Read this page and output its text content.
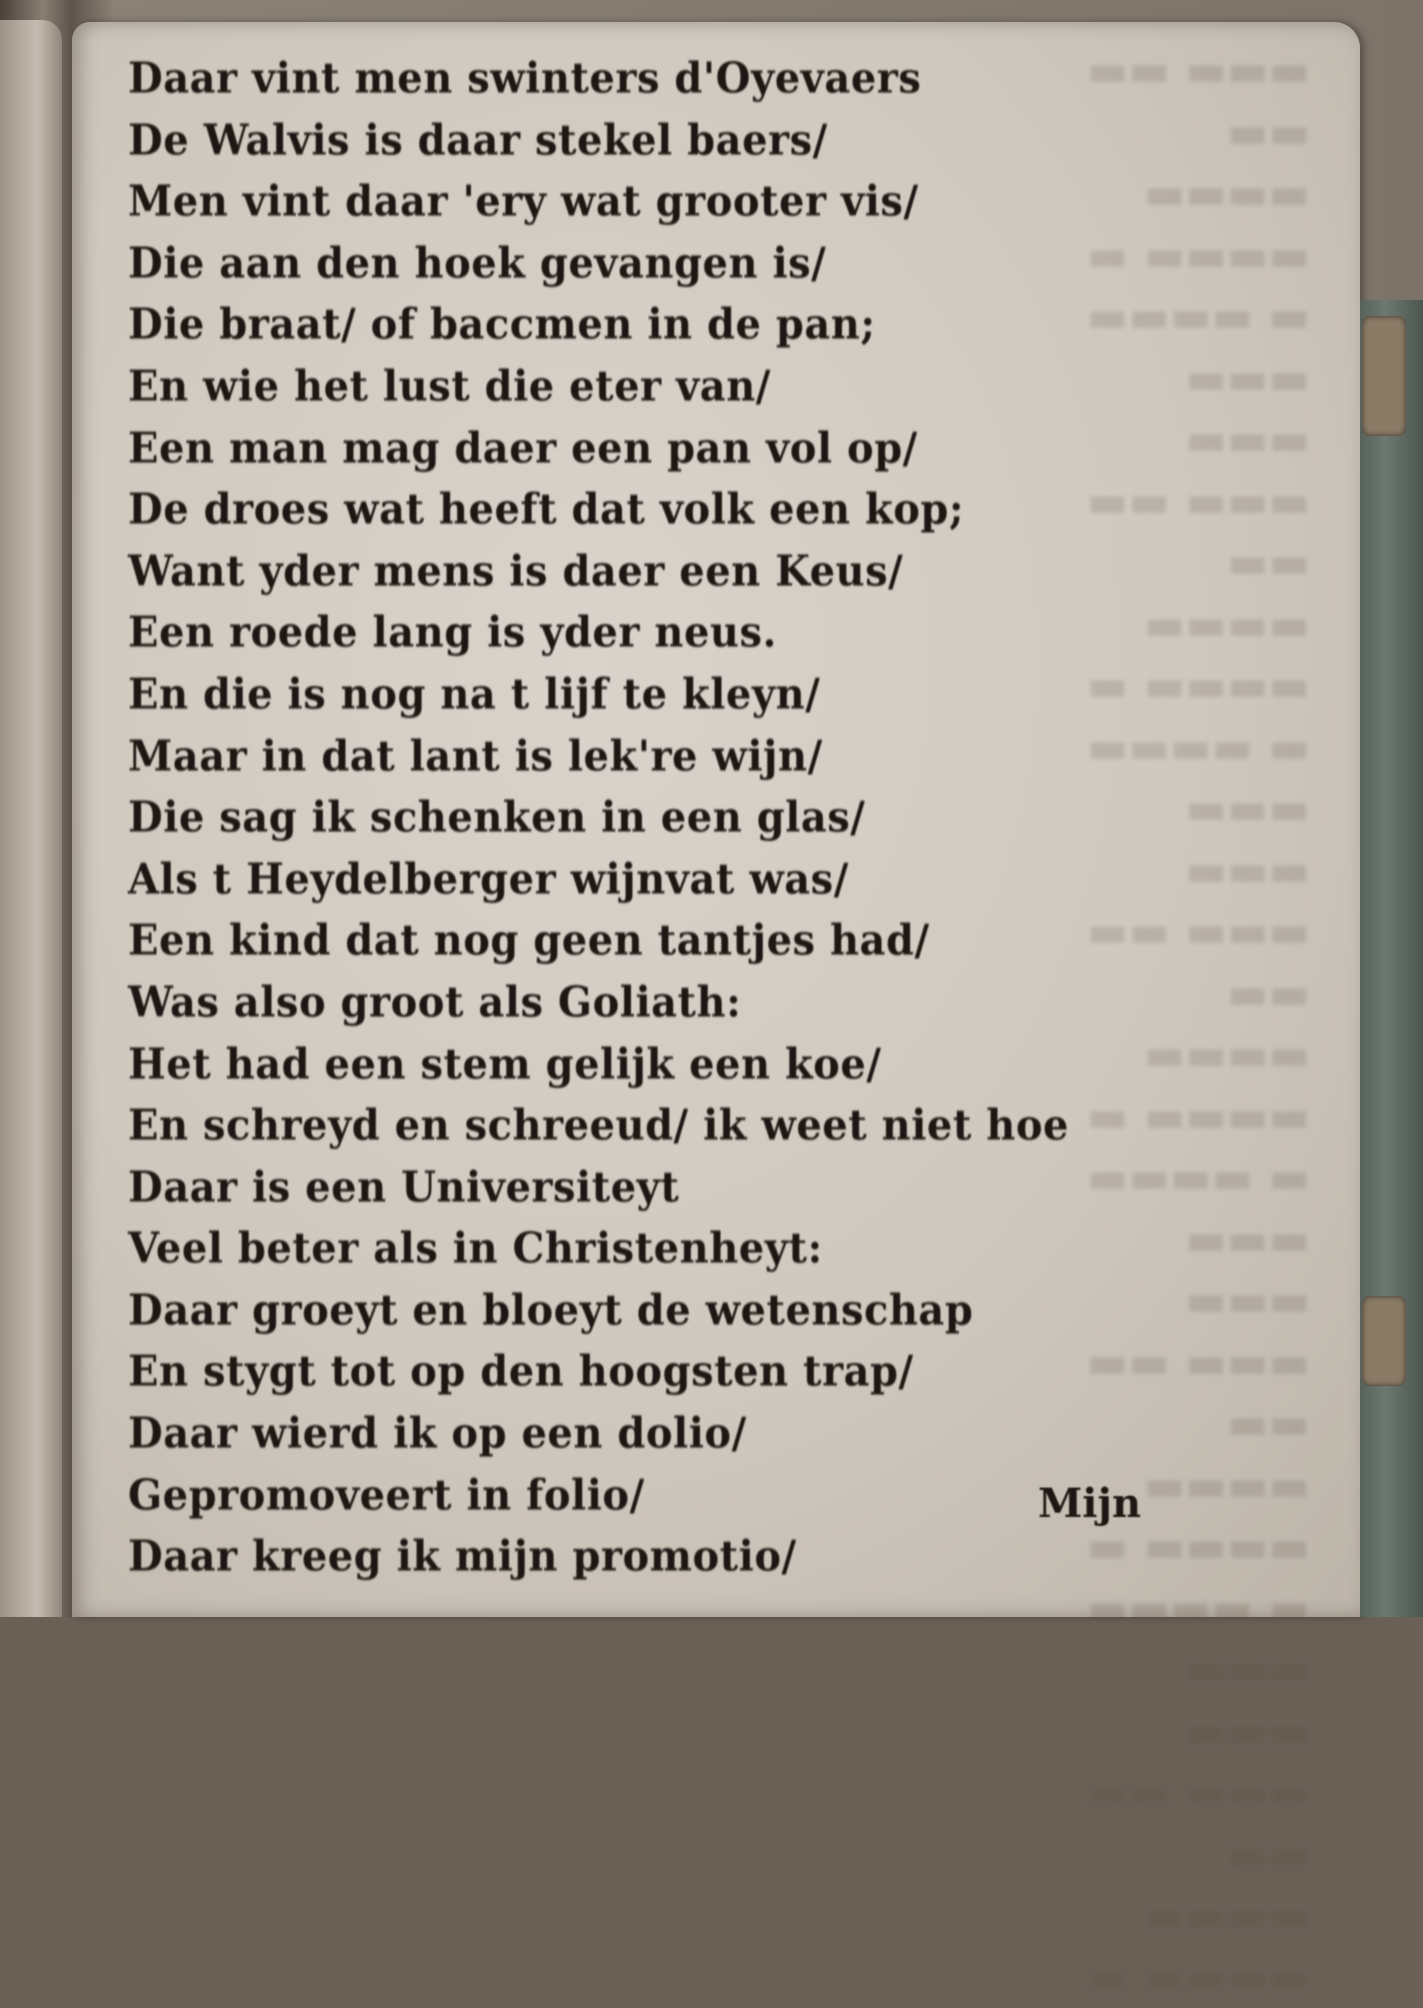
▬▬▬ ▬▬
▬▬ ▬▬▬▬
▬▬▬▬ ▬
▬ ▬▬▬▬
▬▬▬ ▬▬▬
▬▬▬ ▬▬
▬▬ ▬▬▬▬
▬▬▬▬ ▬
▬ ▬▬▬▬
▬▬▬ ▬▬▬
▬▬▬ ▬▬
▬▬ ▬▬▬▬
▬▬▬▬ ▬
▬ ▬▬▬▬
▬▬▬ ▬▬▬
▬▬▬ ▬▬
▬▬ ▬▬▬▬
▬▬▬▬ ▬
▬ ▬▬▬▬
▬▬▬ ▬▬▬
▬▬▬ ▬▬
▬▬ ▬▬▬▬
▬▬▬▬ ▬
Daar vint men swinters d'Oyevaers
De Walvis is daar stekel baers/
Men vint daar 'ery wat grooter vis/
Die aan den hoek gevangen is/
Die braat/ of baccmen in de pan;
En wie het lust die eter van/
Een man mag daer een pan vol op/
De droes wat heeft dat volk een kop;
Want yder mens is daer een Keus/
Een roede lang is yder neus.
En die is nog na t lijf te kleyn/
Maar in dat lant is lek're wijn/
Die sag ik schenken in een glas/
Als t Heydelberger wijnvat was/
Een kind dat nog geen tantjes had/
Was also groot als Goliath:
Het had een stem gelijk een koe/
En schreyd en schreeud/ ik weet niet hoe
Daar is een Universiteyt
Veel beter als in Christenheyt:
Daar groeyt en bloeyt de wetenschap
En stygt tot op den hoogsten trap/
Daar wierd ik op een dolio/
Gepromoveert in folio/
Daar kreeg ik mijn promotio/
Mijn
